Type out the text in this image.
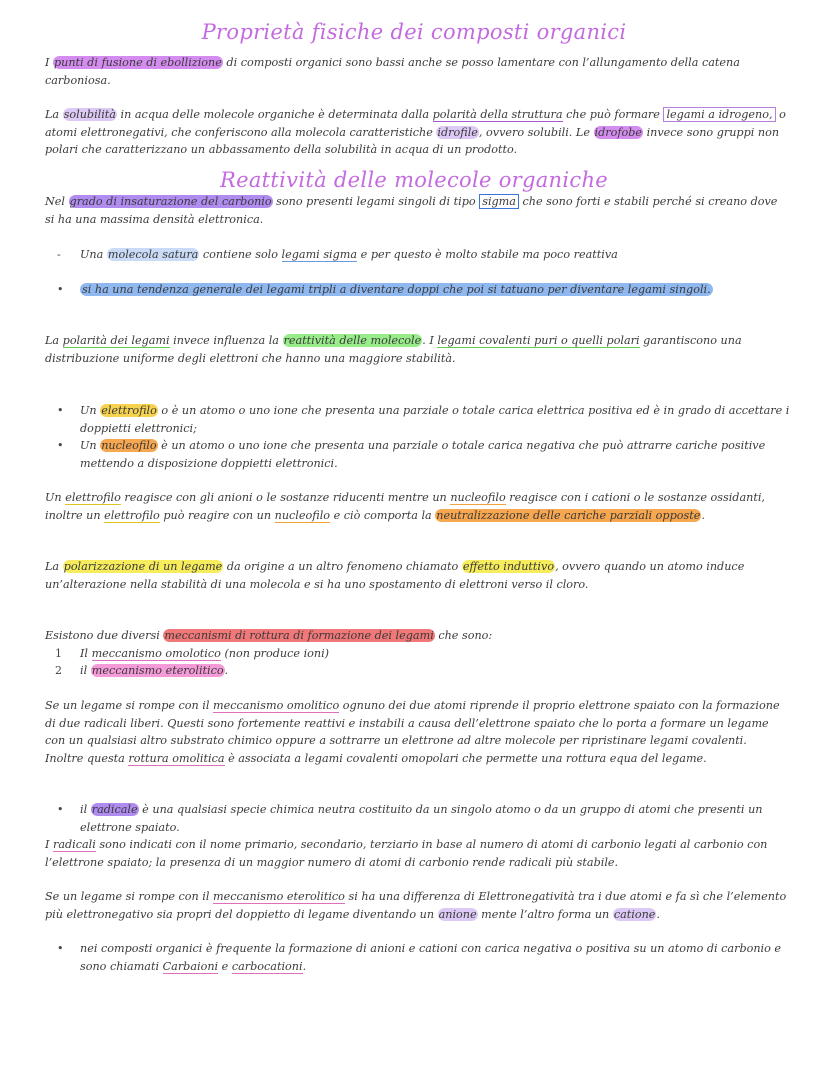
Proprietà fisiche dei composti organici

I punti di fusione di ebollizione di composti organici sono bassi anche se posso lamentare con l’allungamento della catena carboniosa.

La solubilità in acqua delle molecole organiche è determinata dalla polarità della struttura che può formare legami a idrogeno, o atomi elettronegativi, che conferiscono alla molecola caratteristiche idrofile, ovvero solubili. Le idrofobe invece sono gruppi non polari che caratterizzano un abbassamento della solubilità in acqua di un prodotto.

Reattività delle molecole organiche

Nel grado di insaturazione del carbonio sono presenti legami singoli di tipo sigma che sono forti e stabili perché si creano dove si ha una massima densità elettronica.

- Una molecola satura contiene solo legami sigma e per questo è molto stabile ma poco reattiva

• si ha una tendenza generale dei legami tripli a diventare doppi che poi si tatuano per diventare legami singoli.

La polarità dei legami invece influenza la reattività delle molecole. I legami covalenti puri o quelli polari garantiscono una distribuzione uniforme degli elettroni che hanno una maggiore stabilità.

• Un elettrofilo o è un atomo o uno ione che presenta una parziale o totale carica elettrica positiva ed è in grado di accettare i doppietti elettronici;

• Un nucleofilo è un atomo o uno ione che presenta una parziale o totale carica negativa che può attrarre cariche positive mettendo a disposizione doppietti elettronici.

Un elettrofilo reagisce con gli anioni o le sostanze riducenti mentre un nucleofilo reagisce con i cationi o le sostanze ossidanti, inoltre un elettrofilo può reagire con un nucleofilo e ciò comporta la neutralizzazione delle cariche parziali opposte.

La polarizzazione di un legame da origine a un altro fenomeno chiamato effetto induttivo, ovvero quando un atomo induce un’alterazione nella stabilità di una molecola e si ha uno spostamento di elettroni verso il cloro.

Esistono due diversi meccanismi di rottura di formazione dei legami che sono:

1 Il meccanismo omolotico (non produce ioni)

2 il meccanismo eterolitico.

Se un legame si rompe con il meccanismo omolitico ognuno dei due atomi riprende il proprio elettrone spaiato con la formazione di due radicali liberi. Questi sono fortemente reattivi e instabili a causa dell’elettrone spaiato che lo porta a formare un legame con un qualsiasi altro substrato chimico oppure a sottrarre un elettrone ad altre molecole per ripristinare legami covalenti.
Inoltre questa rottura omolitica è associata a legami covalenti omopolari che permette una rottura equa del legame.

• il radicale è una qualsiasi specie chimica neutra costituito da un singolo atomo o da un gruppo di atomi che presenti un elettrone spaiato.

I radicali sono indicati con il nome primario, secondario, terziario in base al numero di atomi di carbonio legati al carbonio con l’elettrone spaiato; la presenza di un maggior numero di atomi di carbonio rende radicali più stabile.

Se un legame si rompe con il meccanismo eterolitico si ha una differenza di Elettronegatività tra i due atomi e fa sì che l’elemento più elettronegativo sia propri del doppietto di legame diventando un anione mente l’altro forma un catione.

• nei composti organici è frequente la formazione di anioni e cationi con carica negativa o positiva su un atomo di carbonio e sono chiamati Carbaioni e carbocationi.
